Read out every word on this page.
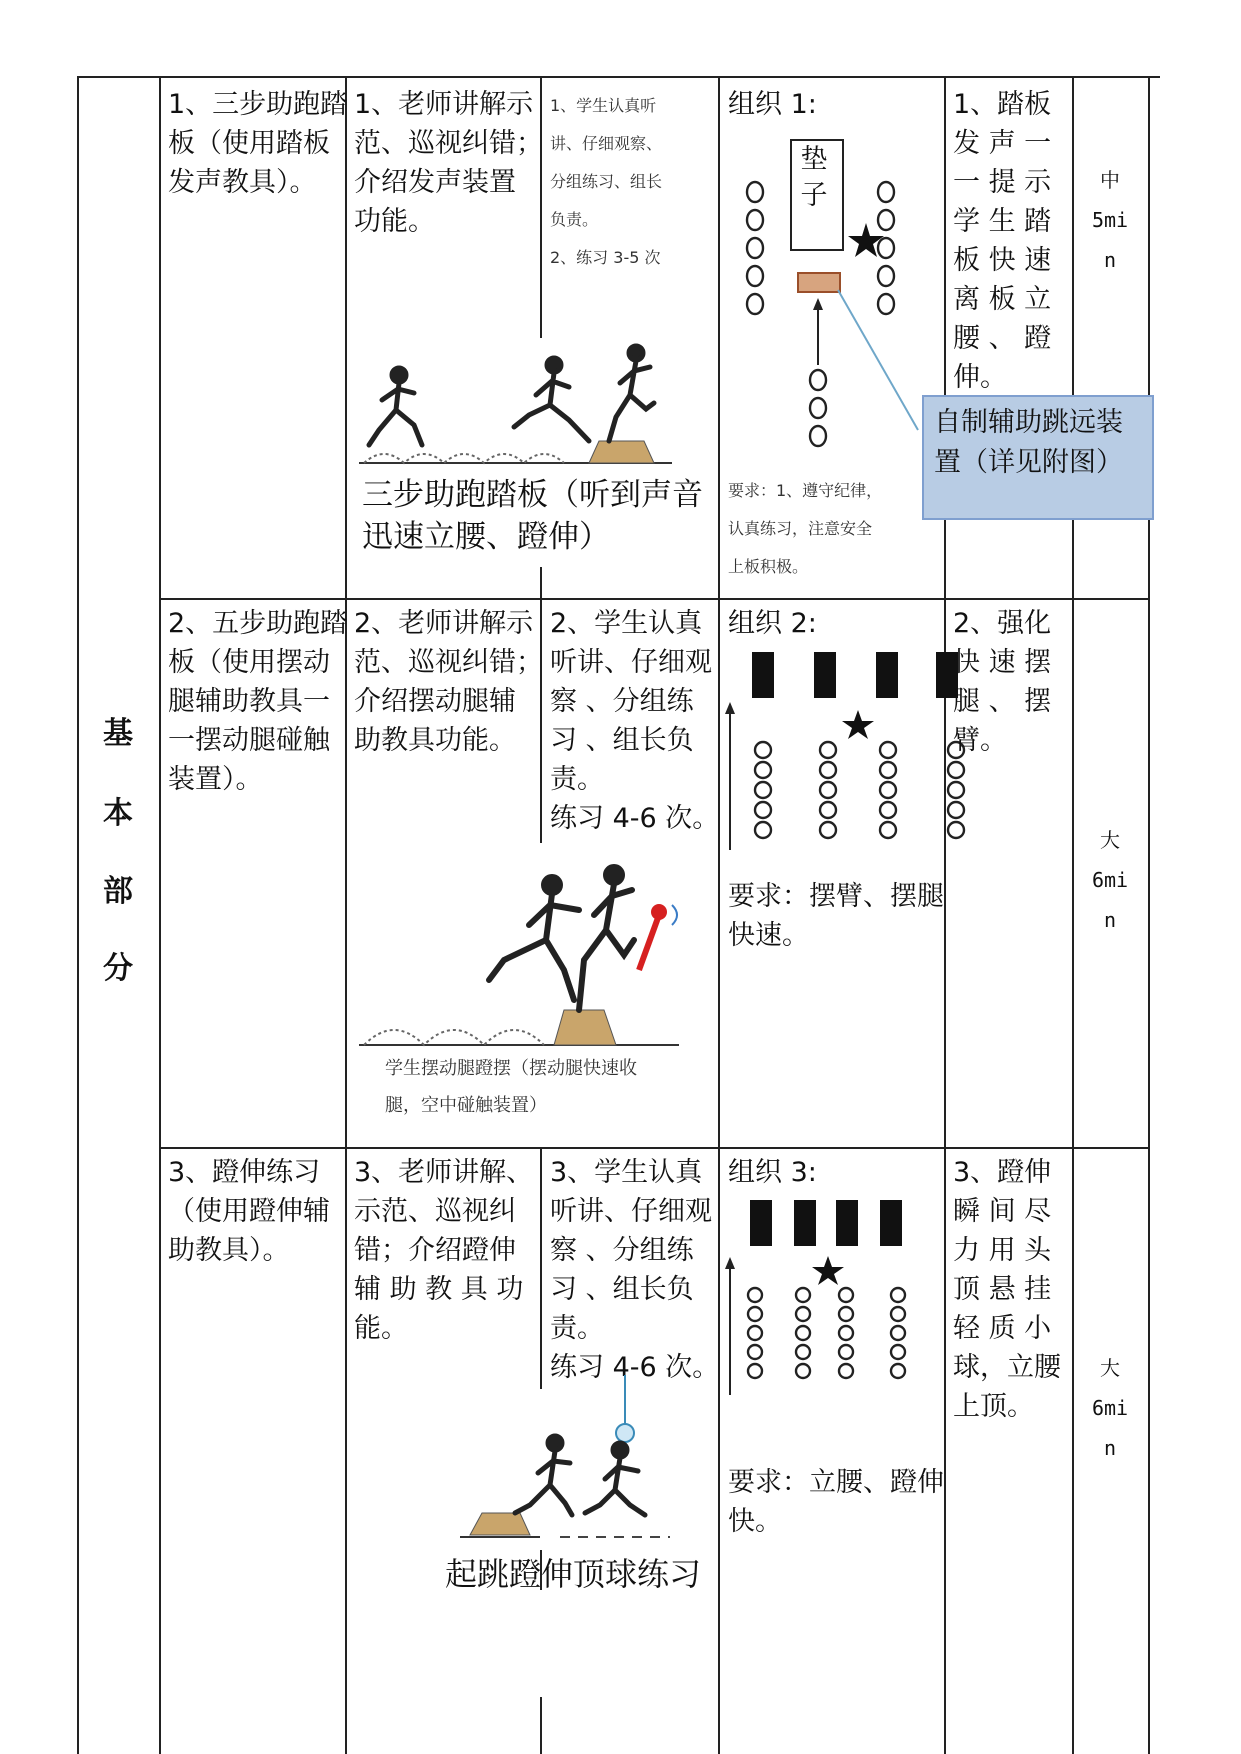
基
本
部
分
1、三步助跑踏
板（使用踏板
发声教具）。
1、老师讲解示
范、巡视纠错；
介绍发声装置
功能。
1、学生认真听
讲、仔细观察、
分组练习、组长
负责。
2、练习 3-5 次
组织 1:
垫
子
要求：1、遵守纪律，
认真练习，注意安全
上板积极。
自制辅助跳远装 置（详见附图）
1、踏板
发 声 一
一 提 示
学 生 踏
板 快 速
离 板 立
腰 、 蹬
伸。
中
5mi
n
三步助跑踏板（听到声音
迅速立腰、蹬伸）
2、五步助跑踏
板（使用摆动
腿辅助教具一
一摆动腿碰触
装置）。
2、老师讲解示
范、巡视纠错；
介绍摆动腿辅
助教具功能。
2、学生认真
听讲、仔细观
察 、分组练
习 、组长负
责。
练习 4-6 次。
组织 2:
要求：摆臂、摆腿
快速。
2、强化
快 速 摆
腿 、 摆
臂。
大
6mi
n
学生摆动腿蹬摆（摆动腿快速收
腿，空中碰触装置）
3、蹬伸练习
（使用蹬伸辅
助教具）。
3、老师讲解、
示范、巡视纠
错；介绍蹬伸
辅 助 教 具 功
能。
3、学生认真
听讲、仔细观
察 、分组练
习 、组长负
责。
练习 4-6 次。
组织 3:
要求：立腰、蹬伸
快。
3、蹬伸
瞬 间 尽
力 用 头
顶 悬 挂
轻 质 小
球，立腰
上顶。
大
6mi
n
起跳蹬伸顶球练习
